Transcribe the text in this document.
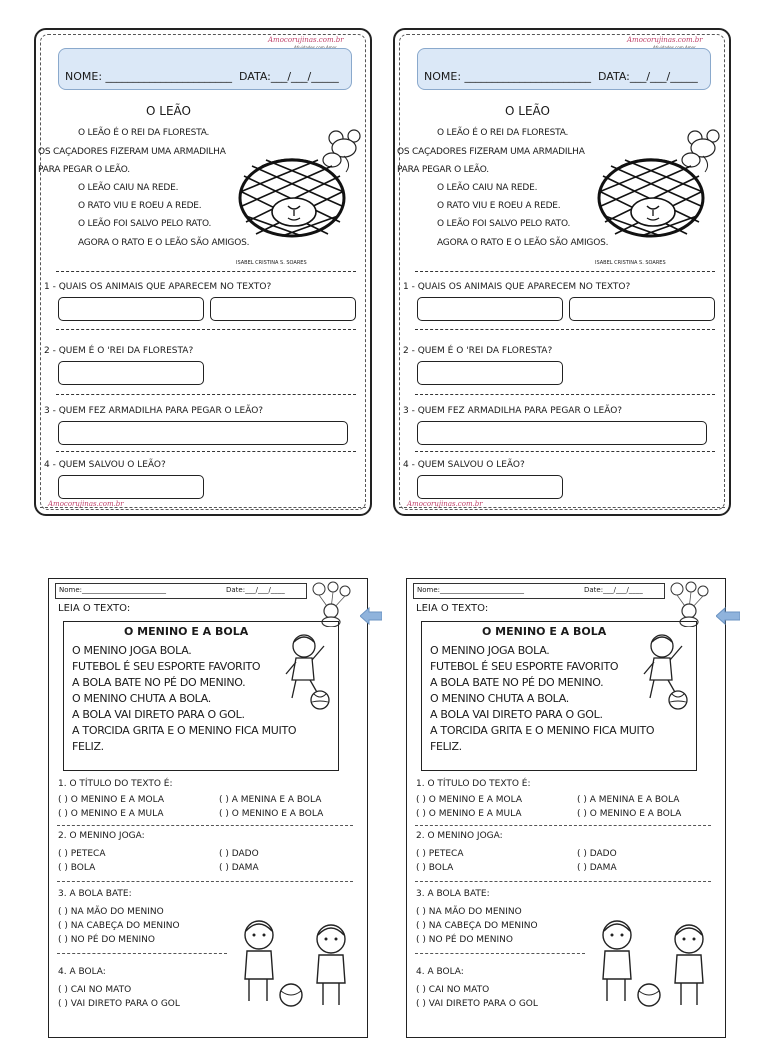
Amocorujinas.com.br
NOME: _______________________ DATA:___/___/_____
O LEÃO
O LEÃO É O REI DA FLORESTA.
OS CAÇADORES FIZERAM UMA ARMADILHA
PARA PEGAR O LEÃO.
O LEÃO CAIU NA REDE.
O RATO VIU E ROEU A REDE.
O LEÃO FOI SALVO PELO RATO.
AGORA O RATO E O LEÃO SÃO AMIGOS.
ISABEL CRISTINA S. SOARES
1 - QUAIS OS ANIMAIS QUE APARECEM NO TEXTO?
2 - QUEM É O 'REI DA FLORESTA?
3 - QUEM FEZ ARMADILHA PARA PEGAR O LEÃO?
4 - QUEM SALVOU O LEÃO?
Amocorujinas.com.br
Amocorujinas.com.br
NOME: _______________________ DATA:___/___/_____
O LEÃO
O LEÃO É O REI DA FLORESTA.
OS CAÇADORES FIZERAM UMA ARMADILHA
PARA PEGAR O LEÃO.
O LEÃO CAIU NA REDE.
O RATO VIU E ROEU A REDE.
O LEÃO FOI SALVO PELO RATO.
AGORA O RATO E O LEÃO SÃO AMIGOS.
ISABEL CRISTINA S. SOARES
1 - QUAIS OS ANIMAIS QUE APARECEM NO TEXTO?
2 - QUEM É O 'REI DA FLORESTA?
3 - QUEM FEZ ARMADILHA PARA PEGAR O LEÃO?
4 - QUEM SALVOU O LEÃO?
Amocorujinas.com.br
Nome:________________________	Date:___/___/____
LEIA O TEXTO:
O MENINO E A BOLA
O MENINO JOGA BOLA.
FUTEBOL É SEU ESPORTE FAVORITO
A BOLA BATE NO PÉ DO MENINO.
O MENINO CHUTA A BOLA.
A BOLA VAI DIRETO PARA O GOL.
A TORCIDA GRITA E O MENINO FICA MUITO
FELIZ.
1. O TÍTULO DO TEXTO É:
( ) O MENINO E A MOLA	( ) A MENINA E A BOLA
( ) O MENINO E A MULA	( ) O MENINO E A BOLA
2. O MENINO JOGA:
( ) PETECA	( ) DADO
( ) BOLA	( ) DAMA
3. A BOLA BATE:
( ) NA MÃO DO MENINO
( ) NA CABEÇA DO MENINO
( ) NO PÉ DO MENINO
4. A BOLA:
( ) CAI NO MATO
( ) VAI DIRETO PARA O GOL
Nome:________________________	Date:___/___/____
LEIA O TEXTO:
O MENINO E A BOLA
O MENINO JOGA BOLA.
FUTEBOL É SEU ESPORTE FAVORITO
A BOLA BATE NO PÉ DO MENINO.
O MENINO CHUTA A BOLA.
A BOLA VAI DIRETO PARA O GOL.
A TORCIDA GRITA E O MENINO FICA MUITO
FELIZ.
1. O TÍTULO DO TEXTO É:
( ) O MENINO E A MOLA	( ) A MENINA E A BOLA
( ) O MENINO E A MULA	( ) O MENINO E A BOLA
2. O MENINO JOGA:
( ) PETECA	( ) DADO
( ) BOLA	( ) DAMA
3. A BOLA BATE:
( ) NA MÃO DO MENINO
( ) NA CABEÇA DO MENINO
( ) NO PÉ DO MENINO
4. A BOLA:
( ) CAI NO MATO
( ) VAI DIRETO PARA O GOL
